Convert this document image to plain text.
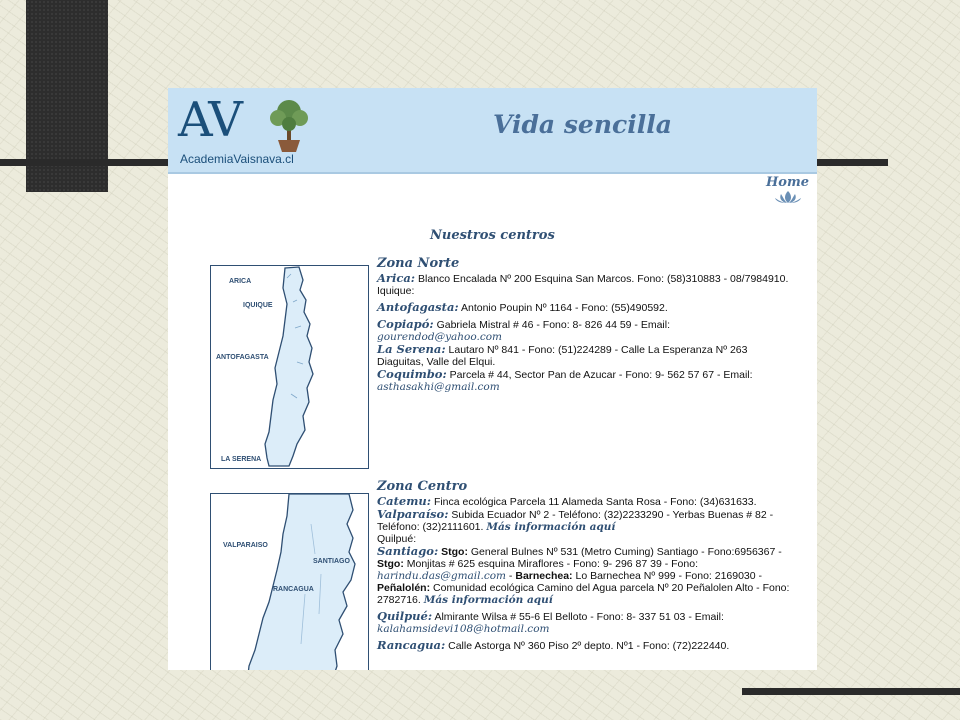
AV
AcademiaVaisnava.cl
Vida sencilla
Home
Nuestros centros
ARICA
IQUIQUE
ANTOFAGASTA
LA SERENA
VALPARAISO
SANTIAGO
RANCAGUA
Zona Norte
Arica: Blanco Encalada Nº 200 Esquina San Marcos. Fono: (58)310883 - 08/7984910.
Iquique:
Antofagasta: Antonio Poupin Nº 1164 - Fono: (55)490592.
Copiapó: Gabriela Mistral # 46 - Fono: 8- 826 44 59 - Email:
gourendod@yahoo.com
La Serena: Lautaro Nº 841 - Fono: (51)224289 - Calle La Esperanza Nº 263 Diaguitas, Valle del Elqui.
Coquimbo: Parcela # 44, Sector Pan de Azucar - Fono: 9- 562 57 67 - Email:
asthasakhi@gmail.com
Zona Centro
Catemu: Finca ecológica Parcela 11 Alameda Santa Rosa - Fono: (34)631633.
Valparaíso: Subida Ecuador Nº 2 - Teléfono: (32)2233290 - Yerbas Buenas # 82 -Teléfono: (32)2111601. Más información aquí
Quilpué:
Santiago: Stgo: General Bulnes Nº 531 (Metro Cuming) Santiago - Fono:6956367 - Stgo: Monjitas # 625 esquina Miraflores - Fono: 9- 296 87 39 - Fono: harindu.das@gmail.com - Barnechea: Lo Barnechea Nº 999 - Fono: 2169030 - Peñalolén: Comunidad ecológica Camino del Agua parcela Nº 20 Peñalolen Alto - Fono: 2782716. Más información aquí
Quilpué: Almirante Wilsa # 55-6 El Belloto - Fono: 8- 337 51 03 - Email:
kalahamsidevi108@hotmail.com
Rancagua: Calle Astorga Nº 360 Piso 2º depto. Nº1 - Fono: (72)222440.
